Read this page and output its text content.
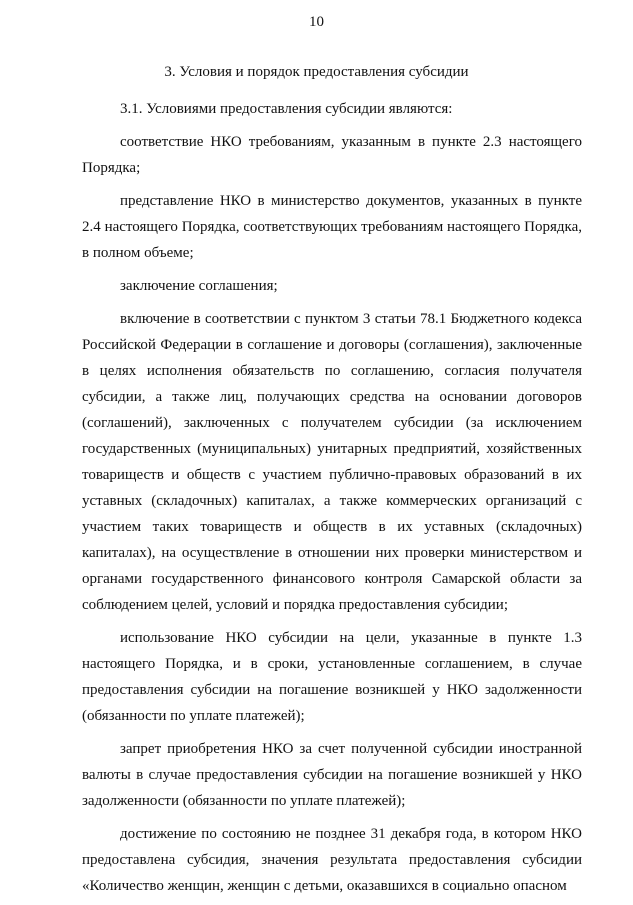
10
3. Условия и порядок предоставления субсидии

3.1. Условиями предоставления субсидии являются:

соответствие НКО требованиям, указанным в пункте 2.3 настоящего Порядка;

представление НКО в министерство документов, указанных в пункте 2.4 настоящего Порядка, соответствующих требованиям настоящего Порядка, в полном объеме;

заключение соглашения;

включение в соответствии с пунктом 3 статьи 78.1 Бюджетного кодекса Российской Федерации в соглашение и договоры (соглашения), заключенные в целях исполнения обязательств по соглашению, согласия получателя субсидии, а также лиц, получающих средства на основании договоров (соглашений), заключенных с получателем субсидии (за исключением государственных (муниципальных) унитарных предприятий, хозяйственных товариществ и обществ с участием публично-правовых образований в их уставных (складочных) капиталах, а также коммерческих организаций с участием таких товариществ и обществ в их уставных (складочных) капиталах), на осуществление в отношении них проверки министерством и органами государственного финансового контроля Самарской области за соблюдением целей, условий и порядка предоставления субсидии;

использование НКО субсидии на цели, указанные в пункте 1.3 настоящего Порядка, и в сроки, установленные соглашением, в случае предоставления субсидии на погашение возникшей у НКО задолженности (обязанности по уплате платежей);

запрет приобретения НКО за счет полученной субсидии иностранной валюты в случае предоставления субсидии на погашение возникшей у НКО задолженности (обязанности по уплате платежей);

достижение по состоянию не позднее 31 декабря года, в котором НКО предоставлена субсидия, значения результата предоставления субсидии «Количество женщин, женщин с детьми, оказавшихся в социально опасном
